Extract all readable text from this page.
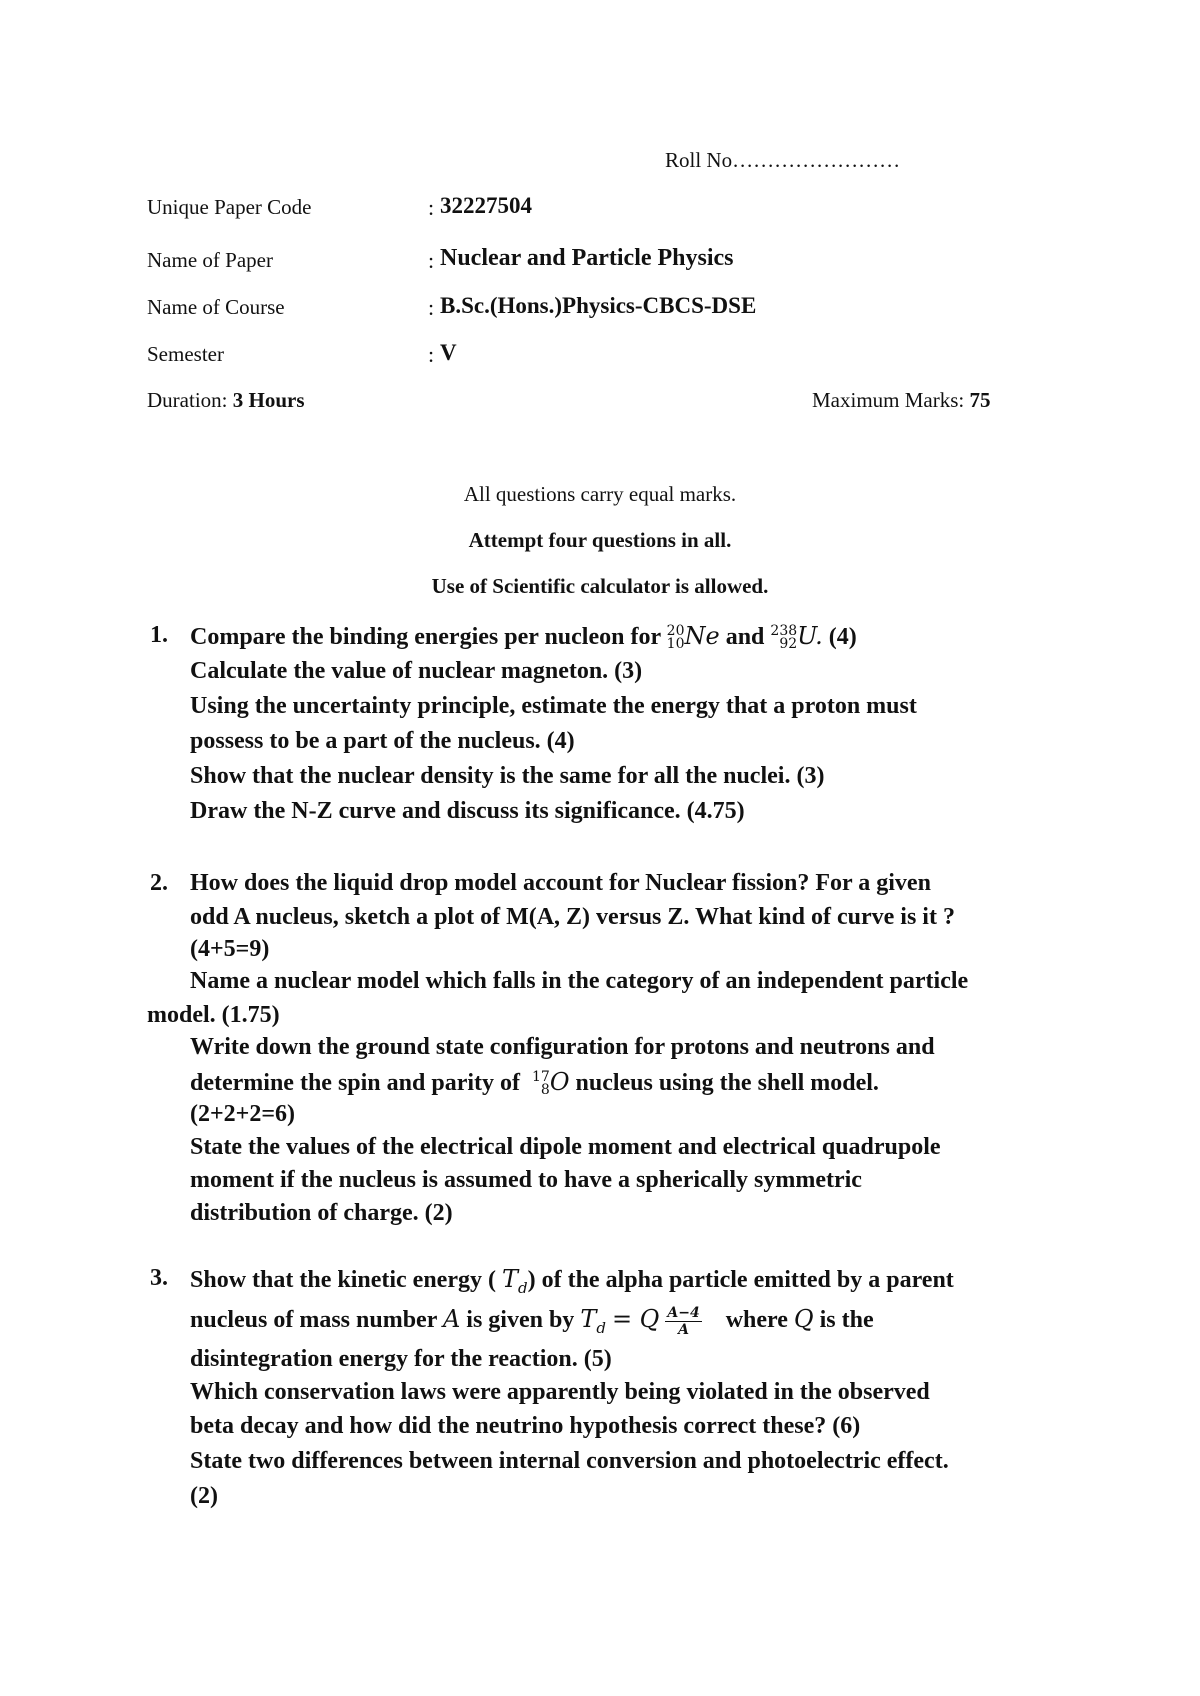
Roll No……………………
Unique Paper Code	: 32227504
Name of Paper	: Nuclear and Particle Physics
Name of Course	: B.Sc.(Hons.)Physics-CBCS-DSE
Semester	: V
Duration: 3 Hours	Maximum Marks: 75
All questions carry equal marks.
Attempt four questions in all.
Use of Scientific calculator is allowed.
1. Compare the binding energies per nucleon for 20
10 Ne and 238
92 U. (4)
Calculate the value of nuclear magneton. (3)
Using the uncertainty principle, estimate the energy that a proton must
possess to be a part of the nucleus. (4)
Show that the nuclear density is the same for all the nuclei. (3)
Draw the N-Z curve and discuss its significance. (4.75)
2. How does the liquid drop model account for Nuclear fission? For a given
odd A nucleus, sketch a plot of M(A, Z) versus Z. What kind of curve is it ?
(4+5=9)
Name a nuclear model which falls in the category of an independent particle
model. (1.75)
Write down the ground state configuration for protons and neutrons and
determine the spin and parity of 17
8 O nucleus using the shell model.
(2+2+2=6)
State the values of the electrical dipole moment and electrical quadrupole
moment if the nucleus is assumed to have a spherically symmetric
distribution of charge. (2)
3. Show that the kinetic energy ( $T_d$) of the alpha particle emitted by a parent
nucleus of mass number A is given by $T_d = Q \frac{A-4}{A}$ where Q is the
disintegration energy for the reaction. (5)
Which conservation laws were apparently being violated in the observed
beta decay and how did the neutrino hypothesis correct these? (6)
State two differences between internal conversion and photoelectric effect.
(2)
